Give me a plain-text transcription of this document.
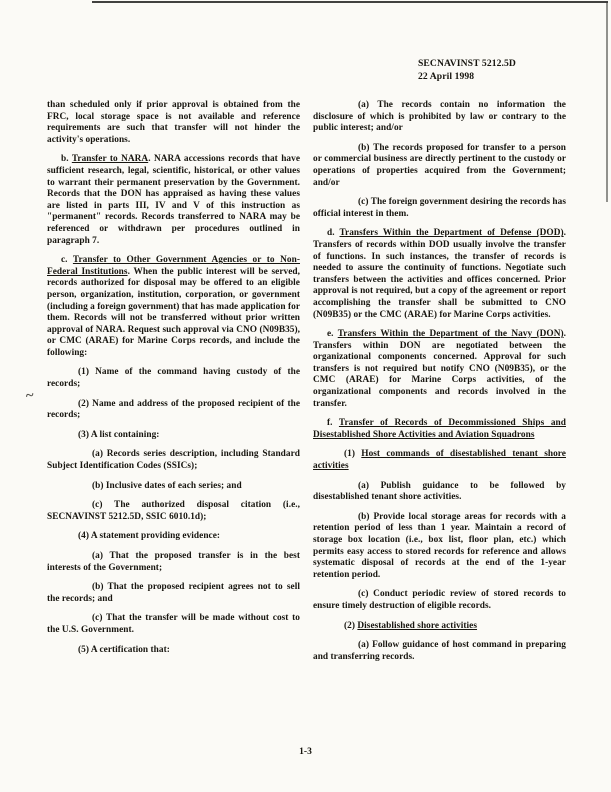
~
SECNAVINST 5212.5D
22 April 1998

than scheduled only if prior approval is obtained from the FRC, local storage space is not available and reference requirements are such that transfer will not hinder the activity's operations.

b. Transfer to NARA. NARA accessions records that have sufficient research, legal, scientific, historical, or other values to warrant their permanent preservation by the Government. Records that the DON has appraised as having these values are listed in parts III, IV and V of this instruction as "permanent" records. Records transferred to NARA may be referenced or withdrawn per procedures outlined in paragraph 7.

c. Transfer to Other Government Agencies or to Non-Federal Institutions. When the public interest will be served, records authorized for disposal may be offered to an eligible person, organization, institution, corporation, or government (including a foreign government) that has made application for them. Records will not be transferred without prior written approval of NARA. Request such approval via CNO (N09B35), or CMC (ARAE) for Marine Corps records, and include the following:

(1) Name of the command having custody of the records;

(2) Name and address of the proposed recipient of the records;

(3) A list containing:

(a) Records series description, including Standard Subject Identification Codes (SSICs);

(b) Inclusive dates of each series; and

(c) The authorized disposal citation (i.e., SECNAVINST 5212.5D, SSIC 6010.1d);

(4) A statement providing evidence:

(a) That the proposed transfer is in the best interests of the Government;

(b) That the proposed recipient agrees not to sell the records; and

(c) That the transfer will be made without cost to the U.S. Government.

(5) A certification that:

(a) The records contain no information the disclosure of which is prohibited by law or contrary to the public interest; and/or

(b) The records proposed for transfer to a person or commercial business are directly pertinent to the custody or operations of properties acquired from the Government; and/or

(c) The foreign government desiring the records has official interest in them.

d. Transfers Within the Department of Defense (DOD). Transfers of records within DOD usually involve the transfer of functions. In such instances, the transfer of records is needed to assure the continuity of functions. Negotiate such transfers between the activities and offices concerned. Prior approval is not required, but a copy of the agreement or report accomplishing the transfer shall be submitted to CNO (N09B35) or the CMC (ARAE) for Marine Corps activities.

e. Transfers Within the Department of the Navy (DON). Transfers within DON are negotiated between the organizational components concerned. Approval for such transfers is not required but notify CNO (N09B35), or the CMC (ARAE) for Marine Corps activities, of the organizational components and records involved in the transfer.

f. Transfer of Records of Decommissioned Ships and Disestablished Shore Activities and Aviation Squadrons

(1) Host commands of disestablished tenant shore activities

(a) Publish guidance to be followed by disestablished tenant shore activities.

(b) Provide local storage areas for records with a retention period of less than 1 year. Maintain a record of storage box location (i.e., box list, floor plan, etc.) which permits easy access to stored records for reference and allows systematic disposal of records at the end of the 1-year retention period.

(c) Conduct periodic review of stored records to ensure timely destruction of eligible records.

(2) Disestablished shore activities

(a) Follow guidance of host command in preparing and transferring records.

1-3
